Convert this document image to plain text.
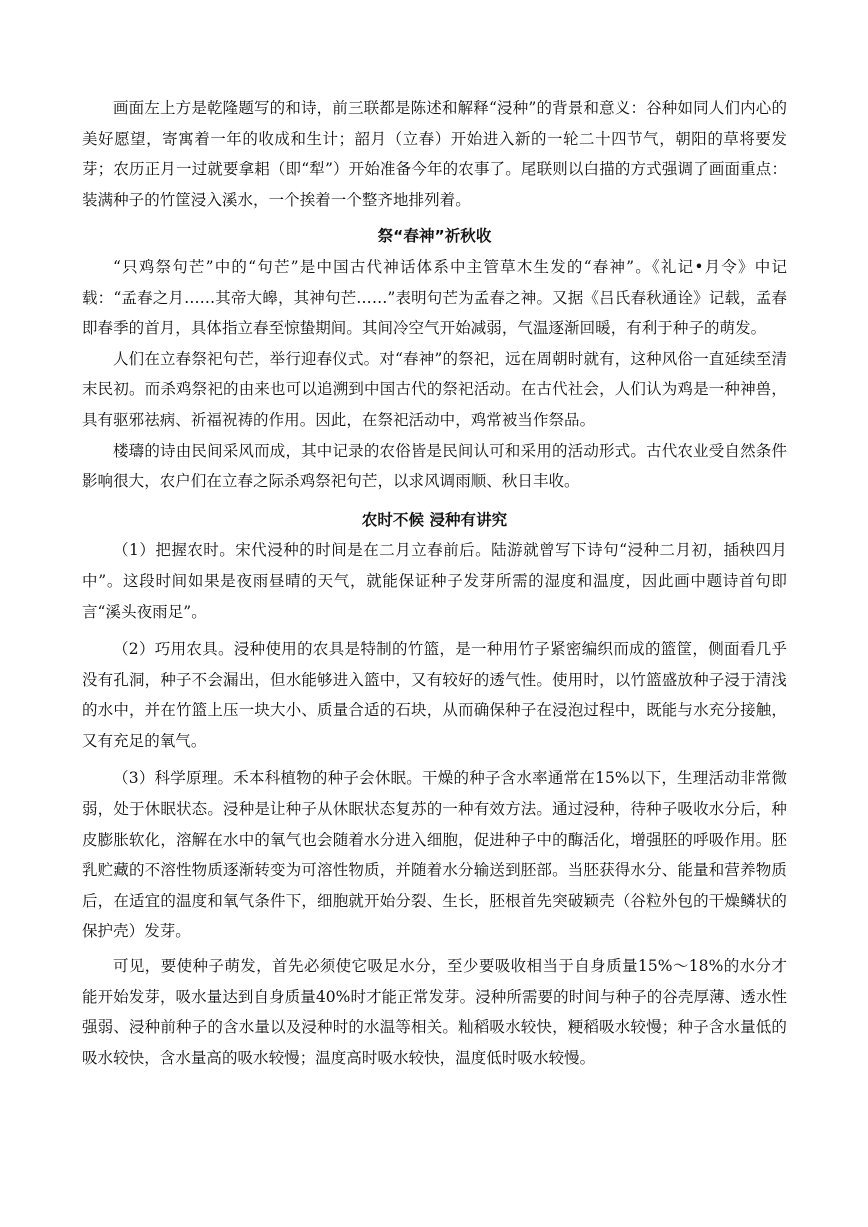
画面左上方是乾隆题写的和诗，前三联都是陈述和解释“浸种”的背景和意义：谷种如同人们内心的美好愿望，寄寓着一年的收成和生计；韶月（立春）开始进入新的一轮二十四节气，朝阳的草将要发芽；农历正月一过就要拿耜（即“犁”）开始准备今年的农事了。尾联则以白描的方式强调了画面重点：装满种子的竹筐浸入溪水，一个挨着一个整齐地排列着。

祭“春神”祈秋收

“只鸡祭句芒”中的“句芒”是中国古代神话体系中主管草木生发的“春神”。《礼记•月令》中记载：“孟春之月……其帝大皞，其神句芒……”表明句芒为孟春之神。又据《吕氏春秋通诠》记载，孟春即春季的首月，具体指立春至惊蛰期间。其间冷空气开始减弱，气温逐渐回暖，有利于种子的萌发。

人们在立春祭祀句芒，举行迎春仪式。对“春神”的祭祀，远在周朝时就有，这种风俗一直延续至清末民初。而杀鸡祭祀的由来也可以追溯到中国古代的祭祀活动。在古代社会，人们认为鸡是一种神兽，具有驱邪祛病、祈福祝祷的作用。因此，在祭祀活动中，鸡常被当作祭品。

楼璹的诗由民间采风而成，其中记录的农俗皆是民间认可和采用的活动形式。古代农业受自然条件影响很大，农户们在立春之际杀鸡祭祀句芒，以求风调雨顺、秋日丰收。

农时不候 浸种有讲究

（1）把握农时。宋代浸种的时间是在二月立春前后。陆游就曾写下诗句“浸种二月初，插秧四月中”。这段时间如果是夜雨昼晴的天气，就能保证种子发芽所需的湿度和温度，因此画中题诗首句即言“溪头夜雨足”。

（2）巧用农具。浸种使用的农具是特制的竹篮，是一种用竹子紧密编织而成的篮筐，侧面看几乎没有孔洞，种子不会漏出，但水能够进入篮中，又有较好的透气性。使用时，以竹篮盛放种子浸于清浅的水中，并在竹篮上压一块大小、质量合适的石块，从而确保种子在浸泡过程中，既能与水充分接触，又有充足的氧气。

（3）科学原理。禾本科植物的种子会休眠。干燥的种子含水率通常在15%以下，生理活动非常微弱，处于休眠状态。浸种是让种子从休眠状态复苏的一种有效方法。通过浸种，待种子吸收水分后，种皮膨胀软化，溶解在水中的氧气也会随着水分进入细胞，促进种子中的酶活化，增强胚的呼吸作用。胚乳贮藏的不溶性物质逐渐转变为可溶性物质，并随着水分输送到胚部。当胚获得水分、能量和营养物质后，在适宜的温度和氧气条件下，细胞就开始分裂、生长，胚根首先突破颖壳（谷粒外包的干燥鳞状的保护壳）发芽。

可见，要使种子萌发，首先必须使它吸足水分，至少要吸收相当于自身质量15%～18%的水分才能开始发芽，吸水量达到自身质量40%时才能正常发芽。浸种所需要的时间与种子的谷壳厚薄、透水性强弱、浸种前种子的含水量以及浸种时的水温等相关。籼稻吸水较快，粳稻吸水较慢；种子含水量低的吸水较快，含水量高的吸水较慢；温度高时吸水较快，温度低时吸水较慢。
